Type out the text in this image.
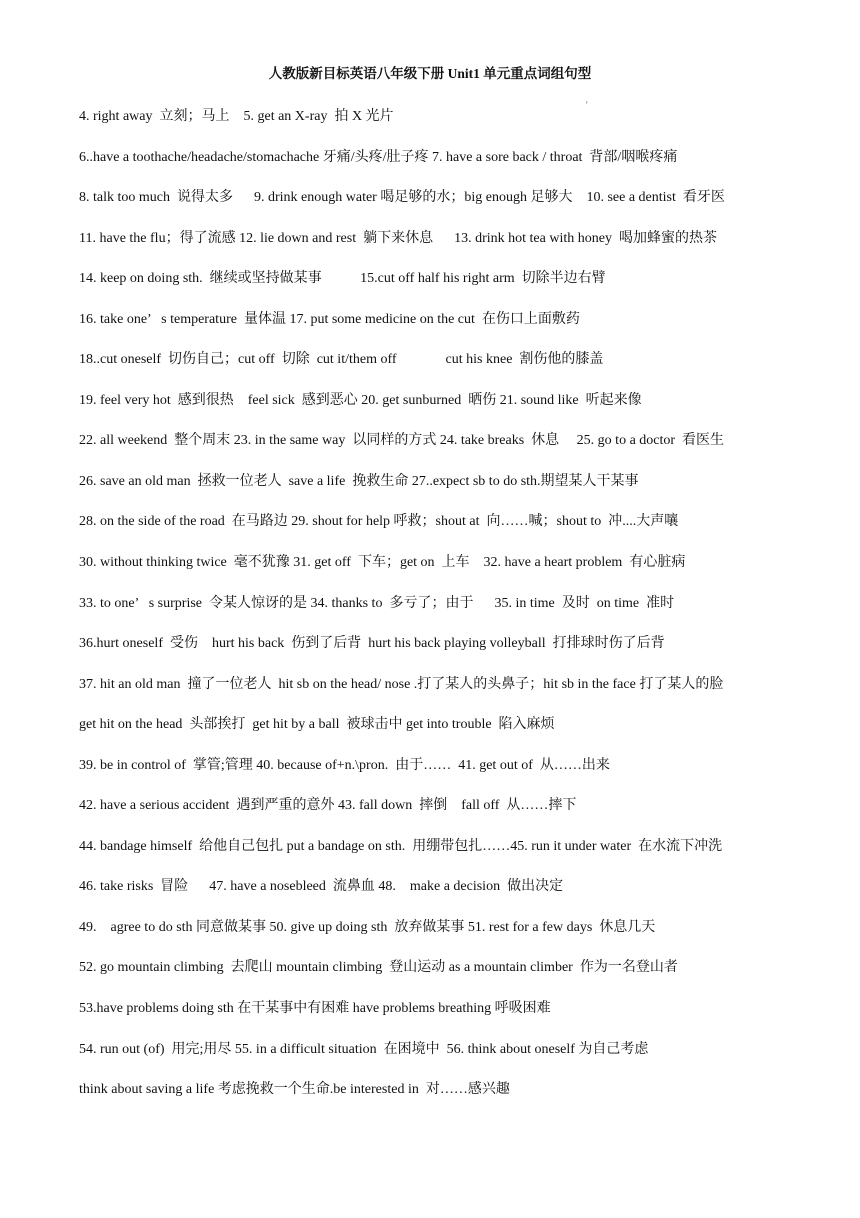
人教版新目标英语八年级下册 Unit1 单元重点词组句型
'
4. right away  立刻；马上    5. get an X-ray  拍 X 光片
6..have a toothache/headache/stomachache 牙痛/头疼/肚子疼 7. have a sore back / throat  背部/咽喉疼痛
8. talk too much  说得太多      9. drink enough water 喝足够的水；big enough 足够大    10. see a dentist  看牙医
11. have the flu；得了流感 12. lie down and rest  躺下来休息      13. drink hot tea with honey  喝加蜂蜜的热茶
14. keep on doing sth.  继续或坚持做某事           15.cut off half his right arm  切除半边右臂
16. take one’   s temperature  量体温 17. put some medicine on the cut  在伤口上面敷药
18..cut oneself  切伤自己；cut off  切除  cut it/them off              cut his knee  割伤他的膝盖
19. feel very hot  感到很热    feel sick  感到恶心 20. get sunburned  晒伤 21. sound like  听起来像
22. all weekend  整个周末 23. in the same way  以同样的方式 24. take breaks  休息     25. go to a doctor  看医生
26. save an old man  拯救一位老人  save a life  挽救生命 27..expect sb to do sth.期望某人干某事
28. on the side of the road  在马路边 29. shout for help 呼救；shout at  向……喊；shout to  冲....大声嚷
30. without thinking twice  毫不犹豫 31. get off  下车；get on  上车    32. have a heart problem  有心脏病
33. to one’   s surprise  令某人惊讶的是 34. thanks to  多亏了；由于      35. in time  及时  on time  准时
36.hurt oneself  受伤    hurt his back  伤到了后背  hurt his back playing volleyball  打排球时伤了后背
37. hit an old man  撞了一位老人  hit sb on the head/ nose .打了某人的头鼻子；hit sb in the face 打了某人的脸
get hit on the head  头部挨打  get hit by a ball  被球击中 get into trouble  陷入麻烦
39. be in control of  掌管;管理 40. because of+n.\pron.  由于……  41. get out of  从……出来
42. have a serious accident  遇到严重的意外 43. fall down  摔倒    fall off  从……摔下
44. bandage himself  给他自己包扎 put a bandage on sth.  用绷带包扎……45. run it under water  在水流下冲洗
46. take risks  冒险      47. have a nosebleed  流鼻血 48.    make a decision  做出决定
49.    agree to do sth 同意做某事 50. give up doing sth  放弃做某事 51. rest for a few days  休息几天
52. go mountain climbing  去爬山 mountain climbing  登山运动 as a mountain climber  作为一名登山者
53.have problems doing sth 在干某事中有困难 have problems breathing 呼吸困难
54. run out (of)  用完;用尽 55. in a difficult situation  在困境中  56. think about oneself 为自己考虑
think about saving a life 考虑挽救一个生命.be interested in  对……感兴趣
